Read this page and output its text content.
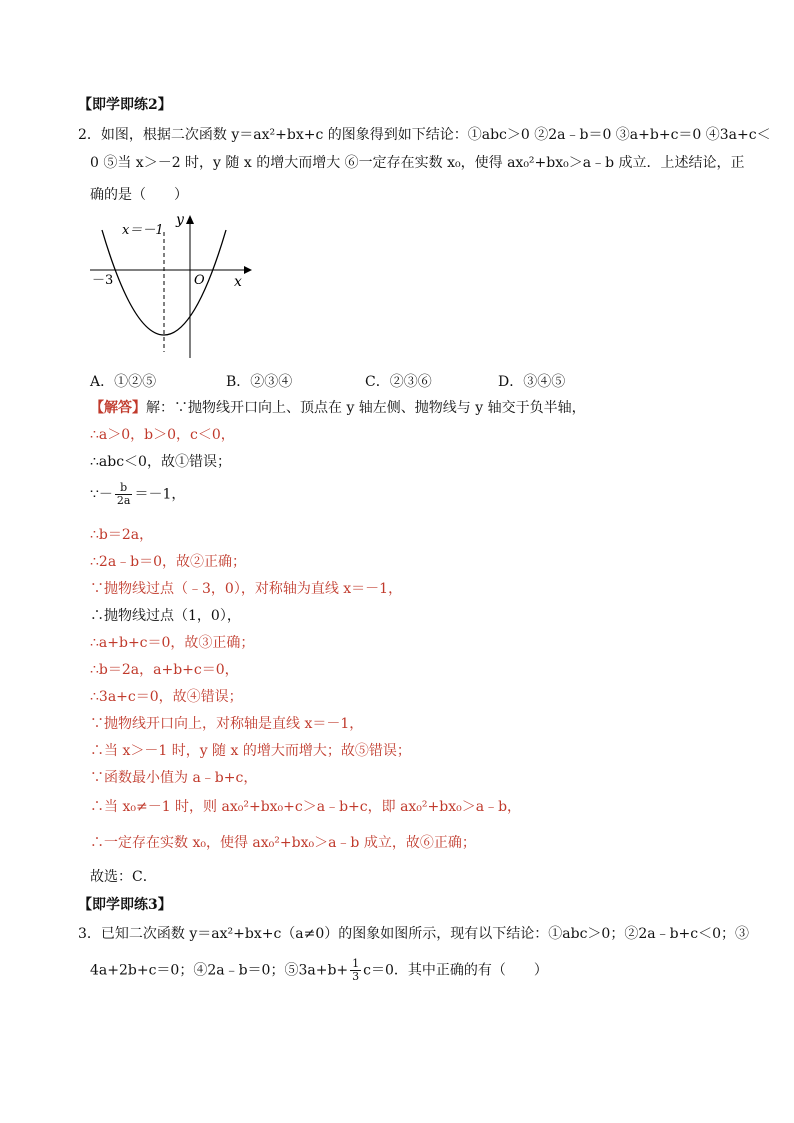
【即学即练2】
2．如图，根据二次函数 y＝ax²+bx+c 的图象得到如下结论：①abc＞0 ②2a﹣b＝0 ③a+b+c＝0 ④3a+c＜
0 ⑤当 x＞－2 时，y 随 x 的增大而增大 ⑥一定存在实数 x₀，使得 ax₀²+bx₀＞a﹣b 成立．上述结论，正
确的是（　　）
x＝－1
y
x
O
－3
A．①②⑤	B．②③④	C．②③⑥	D．③④⑤
【解答】解：∵抛物线开口向上、顶点在 y 轴左侧、抛物线与 y 轴交于负半轴，
∴a＞0，b＞0，c＜0，
∴abc＜0，故①错误；
∵－ $\frac{b}{2a} =-1$，
∴b＝2a，
∴2a﹣b＝0，故②正确；
∵抛物线过点（﹣3，0），对称轴为直线 x＝－1，
∴抛物线过点（1，0），
∴a+b+c＝0，故③正确；
∴b＝2a，a+b+c＝0，
∴3a+c＝0，故④错误；
∵抛物线开口向上，对称轴是直线 x＝－1，
∴当 x＞－1 时，y 随 x 的增大而增大；故⑤错误；
∵函数最小值为 a﹣b+c，
∴当 x₀≠－1 时，则 ax₀²+bx₀+c＞a﹣b+c，即 ax₀²+bx₀＞a﹣b，
∴一定存在实数 x₀，使得 ax₀²+bx₀＞a﹣b 成立，故⑥正确；
故选：C．
【即学即练3】
3．已知二次函数 y＝ax²+bx+c（a≠0）的图象如图所示，现有以下结论：①abc＞0；②2a﹣b+c＜0；③
4a+2b+c＝0；④2a﹣b＝0；⑤3a+b+ $\frac{1}{3} c=0$．其中正确的有（　　）
